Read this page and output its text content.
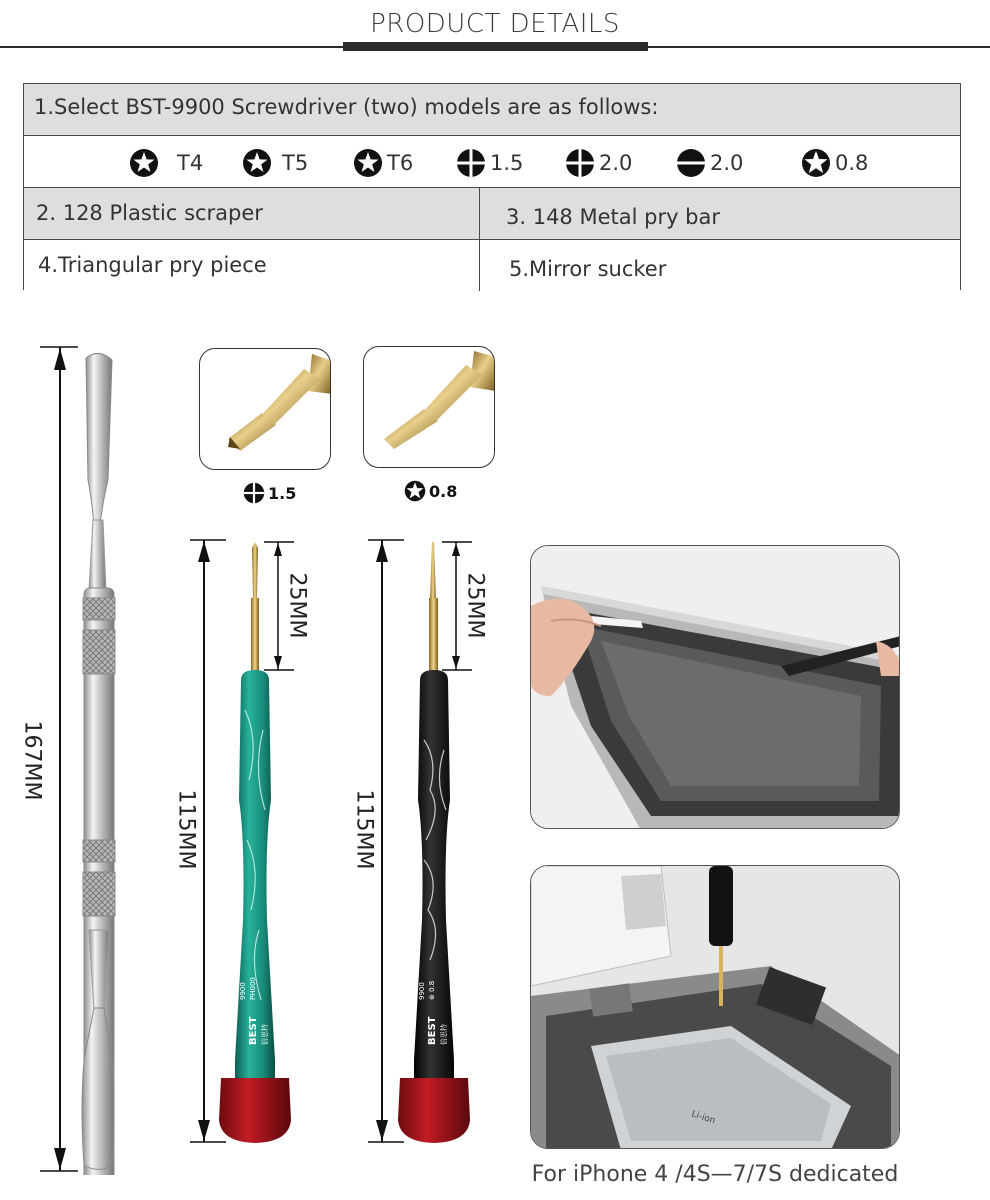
PRODUCT DETAILS
1.Select BST-9900 Screwdriver (two) models are as follows:
T4	T5	T6	1.5	2.0	2.0	0.8
2. 128 Plastic scraper	3. 148 Metal pry bar
4.Triangular pry piece	5.Mirror sucker
167MM
1.5	0.8
115MM
25MM
BEST
9900 PH000
倍思特
115MM
25MM
BEST
9900 ⊛ 0.8
倍思特
Li-ion
For iPhone 4 /4S—7/7S dedicated
